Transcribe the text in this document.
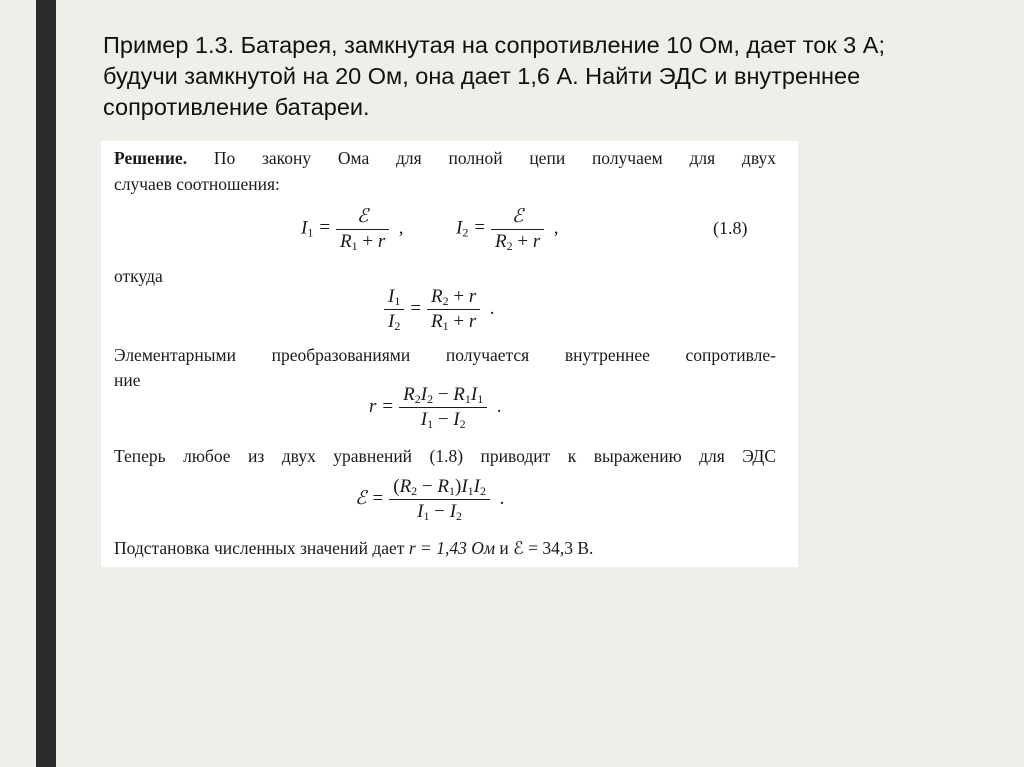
Пример 1.3. Батарея, замкнутая на сопротивление 10 Ом, дает ток 3 А;
будучи замкнутой на 20 Ом, она дает 1,6 А. Найти ЭДС и внутреннее
сопротивление батареи.

Решение. По закону Ома для полной цепи получаем для двух

случаев соотношения:

$I_1 = \frac{\text{ℰ}}{R_1 + r}$ ,	$I_2 = \frac{\text{ℰ}}{R_2 + r}$ ,	(1.8)

откуда

$\frac{I_1}{I_2} = \frac{R_2 + r}{R_1 + r}$ .

Элементарными преобразованиями получается внутреннее сопротивле-

ние

$r = \frac{R_2I_2 - R_1I_1}{I_1 - I_2}$ .

Теперь любое из двух уравнений (1.8) приводит к выражению для ЭДС

ℰ = $\frac{(R_2 - R_1)I_1I_2}{I_1 - I_2}$ .

Подстановка численных значений дает r = 1,43 Ом и ℰ = 34,3 В.
